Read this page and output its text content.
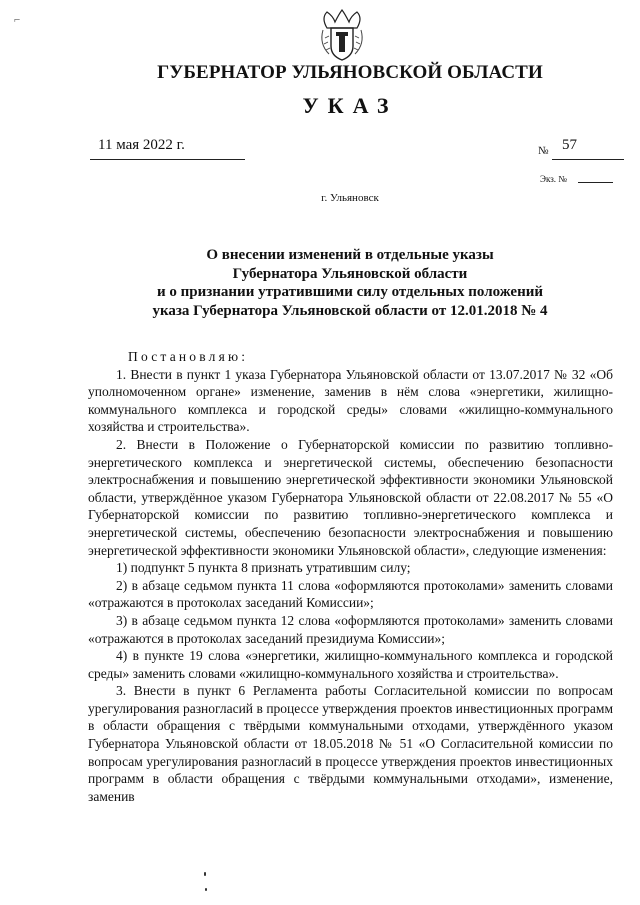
⌐
ГУБЕРНАТОР УЛЬЯНОВСКОЙ ОБЛАСТИ
УКАЗ
11 мая 2022 г.	№ 57
Экз. №
г. Ульяновск
О внесении изменений в отдельные указы
Губернатора Ульяновской области
и о признании утратившими силу отдельных положений
указа Губернатора Ульяновской области от 12.01.2018 № 4

Постановляю:

1. Внести в пункт 1 указа Губернатора Ульяновской области от 13.07.2017 № 32 «Об уполномоченном органе» изменение, заменив в нём слова «энергетики, жилищно-коммунального комплекса и городской среды» словами «жилищно-коммунального хозяйства и строительства».

2. Внести в Положение о Губернаторской комиссии по развитию топливно-энергетического комплекса и энергетической системы, обеспечению безопасности электроснабжения и повышению энергетической эффективности экономики Ульяновской области, утверждённое указом Губернатора Ульяновской области от 22.08.2017 № 55 «О Губернаторской комиссии по развитию топливно-энергетического комплекса и энергетической системы, обеспечению безопасности электроснабжения и повышению энергетической эффективности экономики Ульяновской области», следующие изменения:

1) подпункт 5 пункта 8 признать утратившим силу;

2) в абзаце седьмом пункта 11 слова «оформляются протоколами» заменить словами «отражаются в протоколах заседаний Комиссии»;

3) в абзаце седьмом пункта 12 слова «оформляются протоколами» заменить словами «отражаются в протоколах заседаний президиума Комиссии»;

4) в пункте 19 слова «энергетики, жилищно-коммунального комплекса и городской среды» заменить словами «жилищно-коммунального хозяйства и строительства».

3. Внести в пункт 6 Регламента работы Согласительной комиссии по вопросам урегулирования разногласий в процессе утверждения проектов инвестиционных программ в области обращения с твёрдыми коммунальными отходами, утверждённого указом Губернатора Ульяновской области от 18.05.2018 № 51 «О Согласительной комиссии по вопросам урегулирования разногласий в процессе утверждения проектов инвестиционных программ в области обращения с твёрдыми коммунальными отходами», изменение, заменив
